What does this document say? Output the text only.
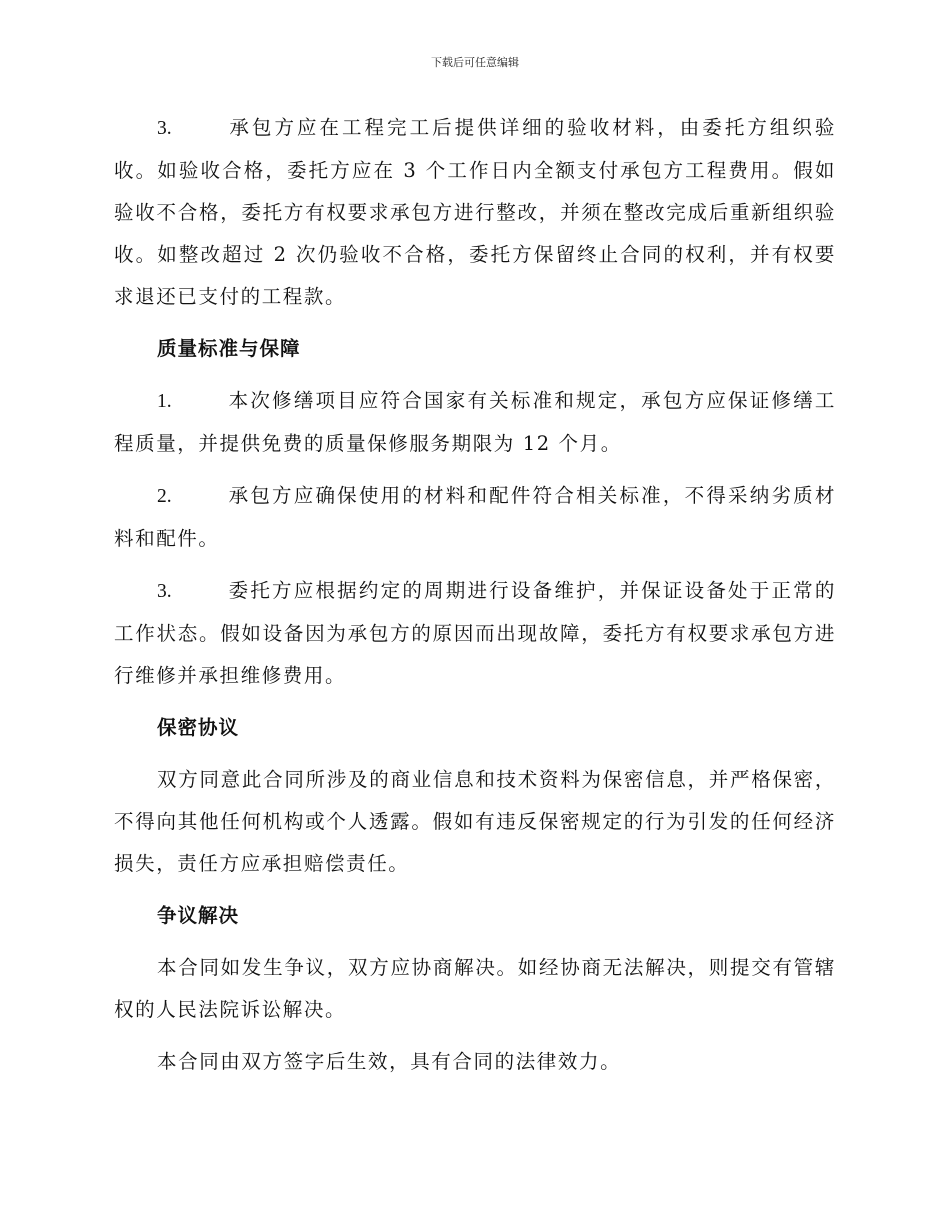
下载后可任意编辑

3.	承包方应在工程完工后提供详细的验收材料，由委托方组织验收。如验收合格，委托方应在 3 个工作日内全额支付承包方工程费用。假如验收不合格，委托方有权要求承包方进行整改，并须在整改完成后重新组织验收。如整改超过 2 次仍验收不合格，委托方保留终止合同的权利，并有权要求退还已支付的工程款。

质量标准与保障

1.	本次修缮项目应符合国家有关标准和规定，承包方应保证修缮工程质量，并提供免费的质量保修服务期限为 12 个月。

2.	承包方应确保使用的材料和配件符合相关标准，不得采纳劣质材料和配件。

3.	委托方应根据约定的周期进行设备维护，并保证设备处于正常的工作状态。假如设备因为承包方的原因而出现故障，委托方有权要求承包方进行维修并承担维修费用。

保密协议

双方同意此合同所涉及的商业信息和技术资料为保密信息，并严格保密，不得向其他任何机构或个人透露。假如有违反保密规定的行为引发的任何经济损失，责任方应承担赔偿责任。

争议解决

本合同如发生争议，双方应协商解决。如经协商无法解决，则提交有管辖权的人民法院诉讼解决。

本合同由双方签字后生效，具有合同的法律效力。
